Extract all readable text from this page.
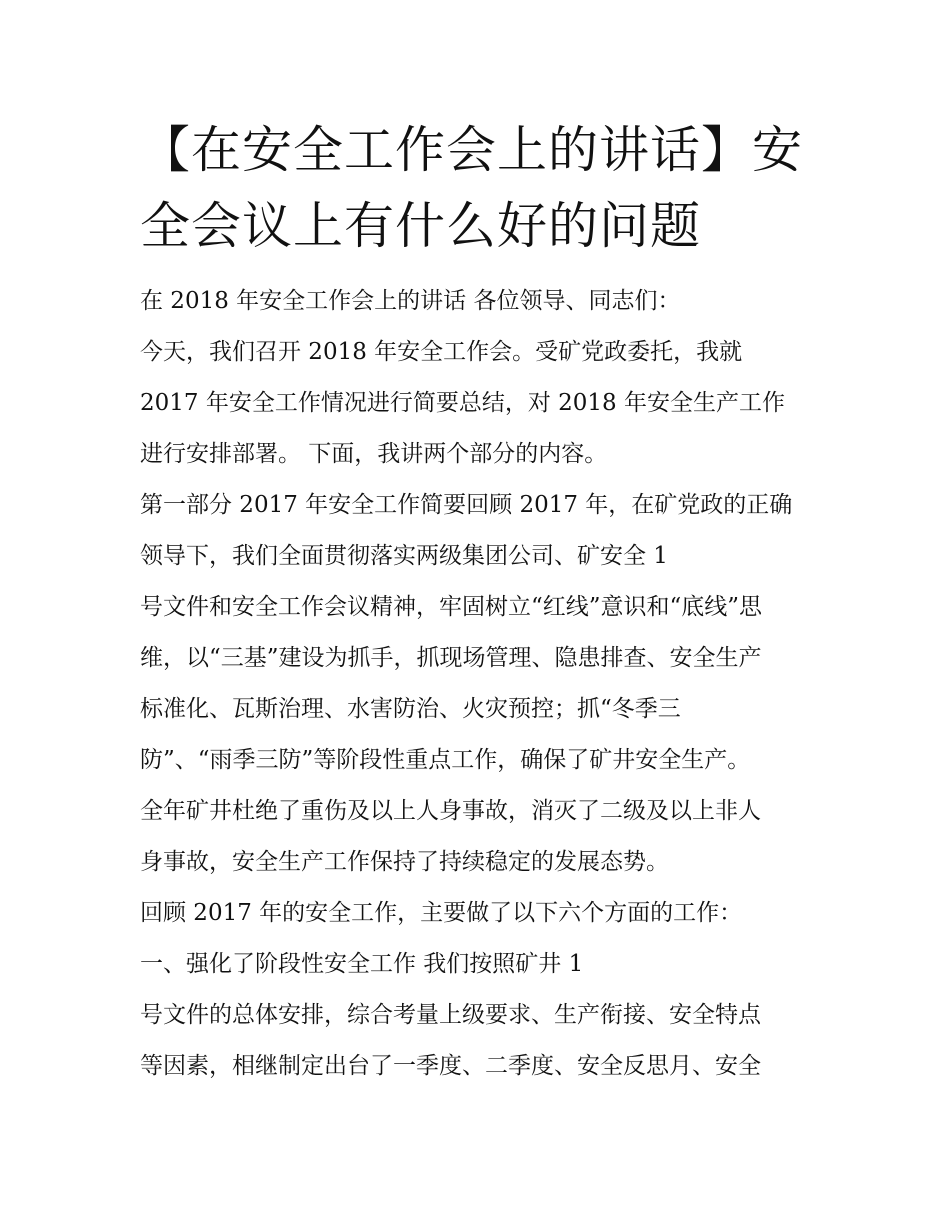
【在安全工作会上的讲话】安
全会议上有什么好的问题
在 2018 年安全工作会上的讲话 各位领导、同志们：
今天，我们召开 2018 年安全工作会。受矿党政委托，我就
2017 年安全工作情况进行简要总结，对 2018 年安全生产工作
进行安排部署。 下面，我讲两个部分的内容。
第一部分 2017 年安全工作简要回顾 2017 年，在矿党政的正确
领导下，我们全面贯彻落实两级集团公司、矿安全 1
号文件和安全工作会议精神，牢固树立“红线”意识和“底线”思
维，以“三基”建设为抓手，抓现场管理、隐患排查、安全生产
标准化、瓦斯治理、水害防治、火灾预控；抓“冬季三
防”、“雨季三防”等阶段性重点工作，确保了矿井安全生产。
全年矿井杜绝了重伤及以上人身事故，消灭了二级及以上非人
身事故，安全生产工作保持了持续稳定的发展态势。
回顾 2017 年的安全工作，主要做了以下六个方面的工作：
一、强化了阶段性安全工作 我们按照矿井 1
号文件的总体安排，综合考量上级要求、生产衔接、安全特点
等因素，相继制定出台了一季度、二季度、安全反思月、安全
